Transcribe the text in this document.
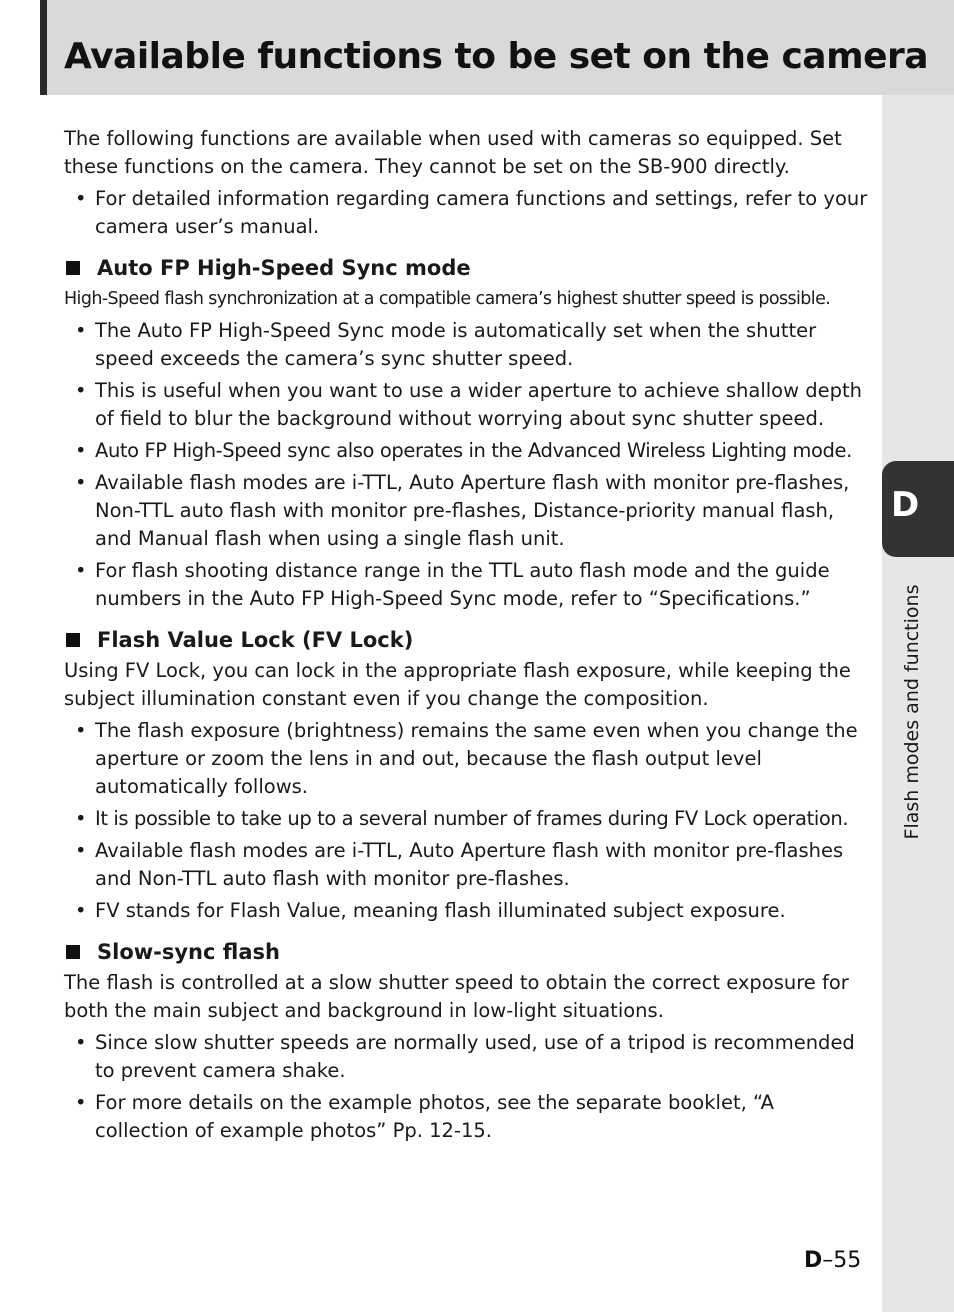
Available functions to be set on the camera
D
Flash modes and functions

The following functions are available when used with cameras so equipped. Set these functions on the camera. They cannot be set on the SB-900 directly.

• For detailed information regarding camera functions and settings, refer to your camera user’s manual.
Auto FP High-Speed Sync mode

High-Speed flash synchronization at a compatible camera’s highest shutter speed is possible.

• The Auto FP High-Speed Sync mode is automatically set when the shutter speed exceeds the camera’s sync shutter speed.
• This is useful when you want to use a wider aperture to achieve shallow depth of field to blur the background without worrying about sync shutter speed.
• Auto FP High-Speed sync also operates in the Advanced Wireless Lighting mode.
• Available flash modes are i-TTL, Auto Aperture flash with monitor pre-flashes, Non-TTL auto flash with monitor pre-flashes, Distance-priority manual flash, and Manual flash when using a single flash unit.
• For flash shooting distance range in the TTL auto flash mode and the guide numbers in the Auto FP High-Speed Sync mode, refer to “Specifications.”
Flash Value Lock (FV Lock)

Using FV Lock, you can lock in the appropriate flash exposure, while keeping the subject illumination constant even if you change the composition.

• The flash exposure (brightness) remains the same even when you change the aperture or zoom the lens in and out, because the flash output level automatically follows.
• It is possible to take up to a several number of frames during FV Lock operation.
• Available flash modes are i-TTL, Auto Aperture flash with monitor pre-flashes and Non-TTL auto flash with monitor pre-flashes.
• FV stands for Flash Value, meaning flash illuminated subject exposure.
Slow-sync flash

The flash is controlled at a slow shutter speed to obtain the correct exposure for both the main subject and background in low-light situations.

• Since slow shutter speeds are normally used, use of a tripod is recommended to prevent camera shake.
• For more details on the example photos, see the separate booklet, “A collection of example photos” Pp. 12-15.
D–55
